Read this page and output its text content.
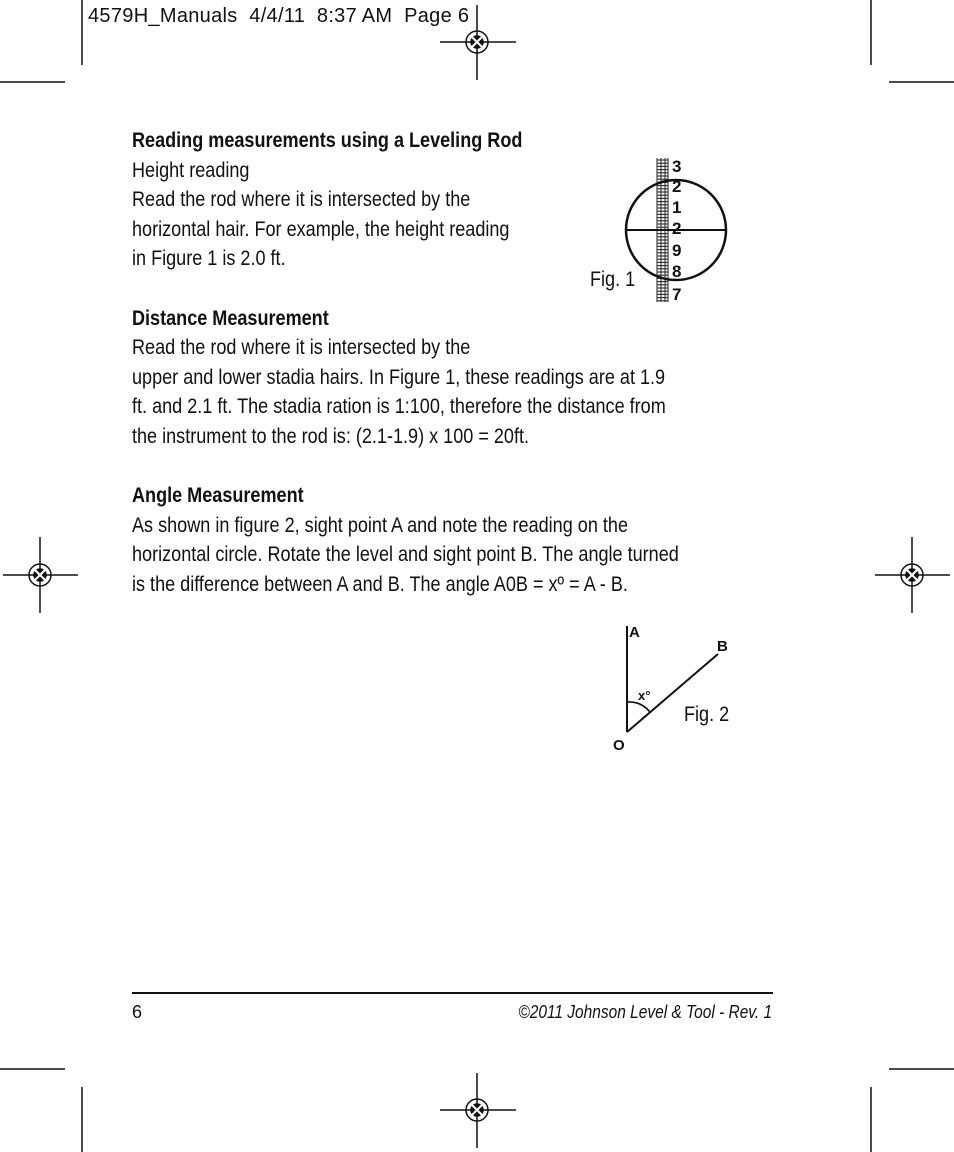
4579H_Manuals  4/4/11  8:37 AM  Page 6

Reading measurements using a Leveling Rod

Height reading

Read the rod where it is intersected by the

horizontal hair. For example, the height reading

in Figure 1 is 2.0 ft.

Distance Measurement

Read the rod where it is intersected by the

upper and lower stadia hairs. In Figure 1, these readings are at 1.9

ft. and 2.1 ft. The stadia ration is 1:100, therefore the distance from

the instrument to the rod is: (2.1-1.9) x 100 = 20ft.

Angle Measurement

As shown in figure 2, sight point A and note the reading on the

horizontal circle. Rotate the level and sight point B. The angle turned

is the difference between A and B. The angle A0B = xº = A - B.

Fig. 1
3
2
1
2
9
8
7
Fig. 2
A
B
O
x°
6	©2011 Johnson Level & Tool - Rev. 1
